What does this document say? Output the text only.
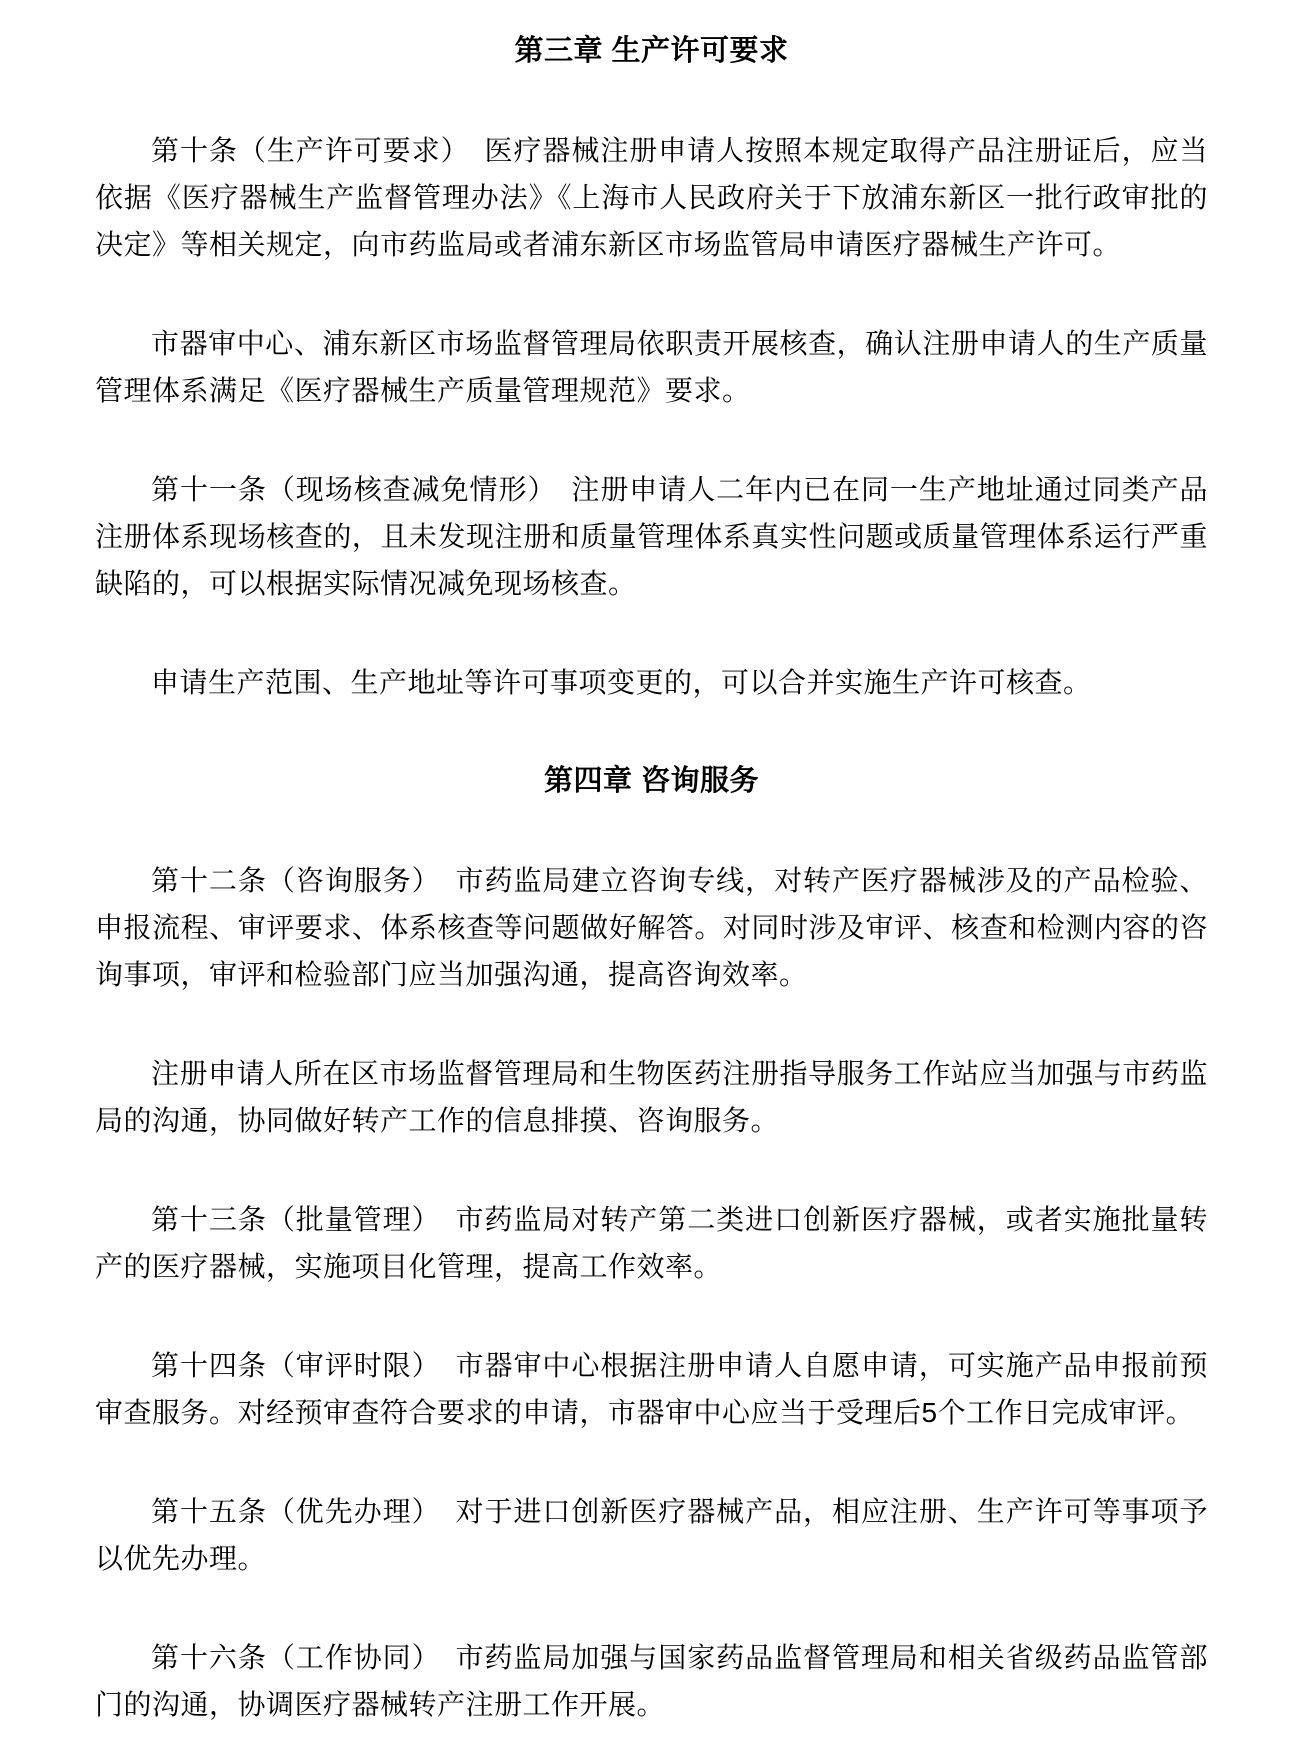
第三章 生产许可要求

第十条（生产许可要求）　医疗器械注册申请人按照本规定取得产品注册证后，应当依据《医疗器械生产监督管理办法》《上海市人民政府关于下放浦东新区一批行政审批的决定》等相关规定，向市药监局或者浦东新区市场监管局申请医疗器械生产许可。

市器审中心、浦东新区市场监督管理局依职责开展核查，确认注册申请人的生产质量管理体系满足《医疗器械生产质量管理规范》要求。

第十一条（现场核查减免情形）　注册申请人二年内已在同一生产地址通过同类产品注册体系现场核查的，且未发现注册和质量管理体系真实性问题或质量管理体系运行严重缺陷的，可以根据实际情况减免现场核查。

申请生产范围、生产地址等许可事项变更的，可以合并实施生产许可核查。

第四章 咨询服务

第十二条（咨询服务）　市药监局建立咨询专线，对转产医疗器械涉及的产品检验、申报流程、审评要求、体系核查等问题做好解答。对同时涉及审评、核查和检测内容的咨询事项，审评和检验部门应当加强沟通，提高咨询效率。

注册申请人所在区市场监督管理局和生物医药注册指导服务工作站应当加强与市药监局的沟通，协同做好转产工作的信息排摸、咨询服务。

第十三条（批量管理）　市药监局对转产第二类进口创新医疗器械，或者实施批量转产的医疗器械，实施项目化管理，提高工作效率。

第十四条（审评时限）　市器审中心根据注册申请人自愿申请，可实施产品申报前预审查服务。对经预审查符合要求的申请，市器审中心应当于受理后5个工作日完成审评。

第十五条（优先办理）　对于进口创新医疗器械产品，相应注册、生产许可等事项予以优先办理。

第十六条（工作协同）　市药监局加强与国家药品监督管理局和相关省级药品监管部门的沟通，协调医疗器械转产注册工作开展。
